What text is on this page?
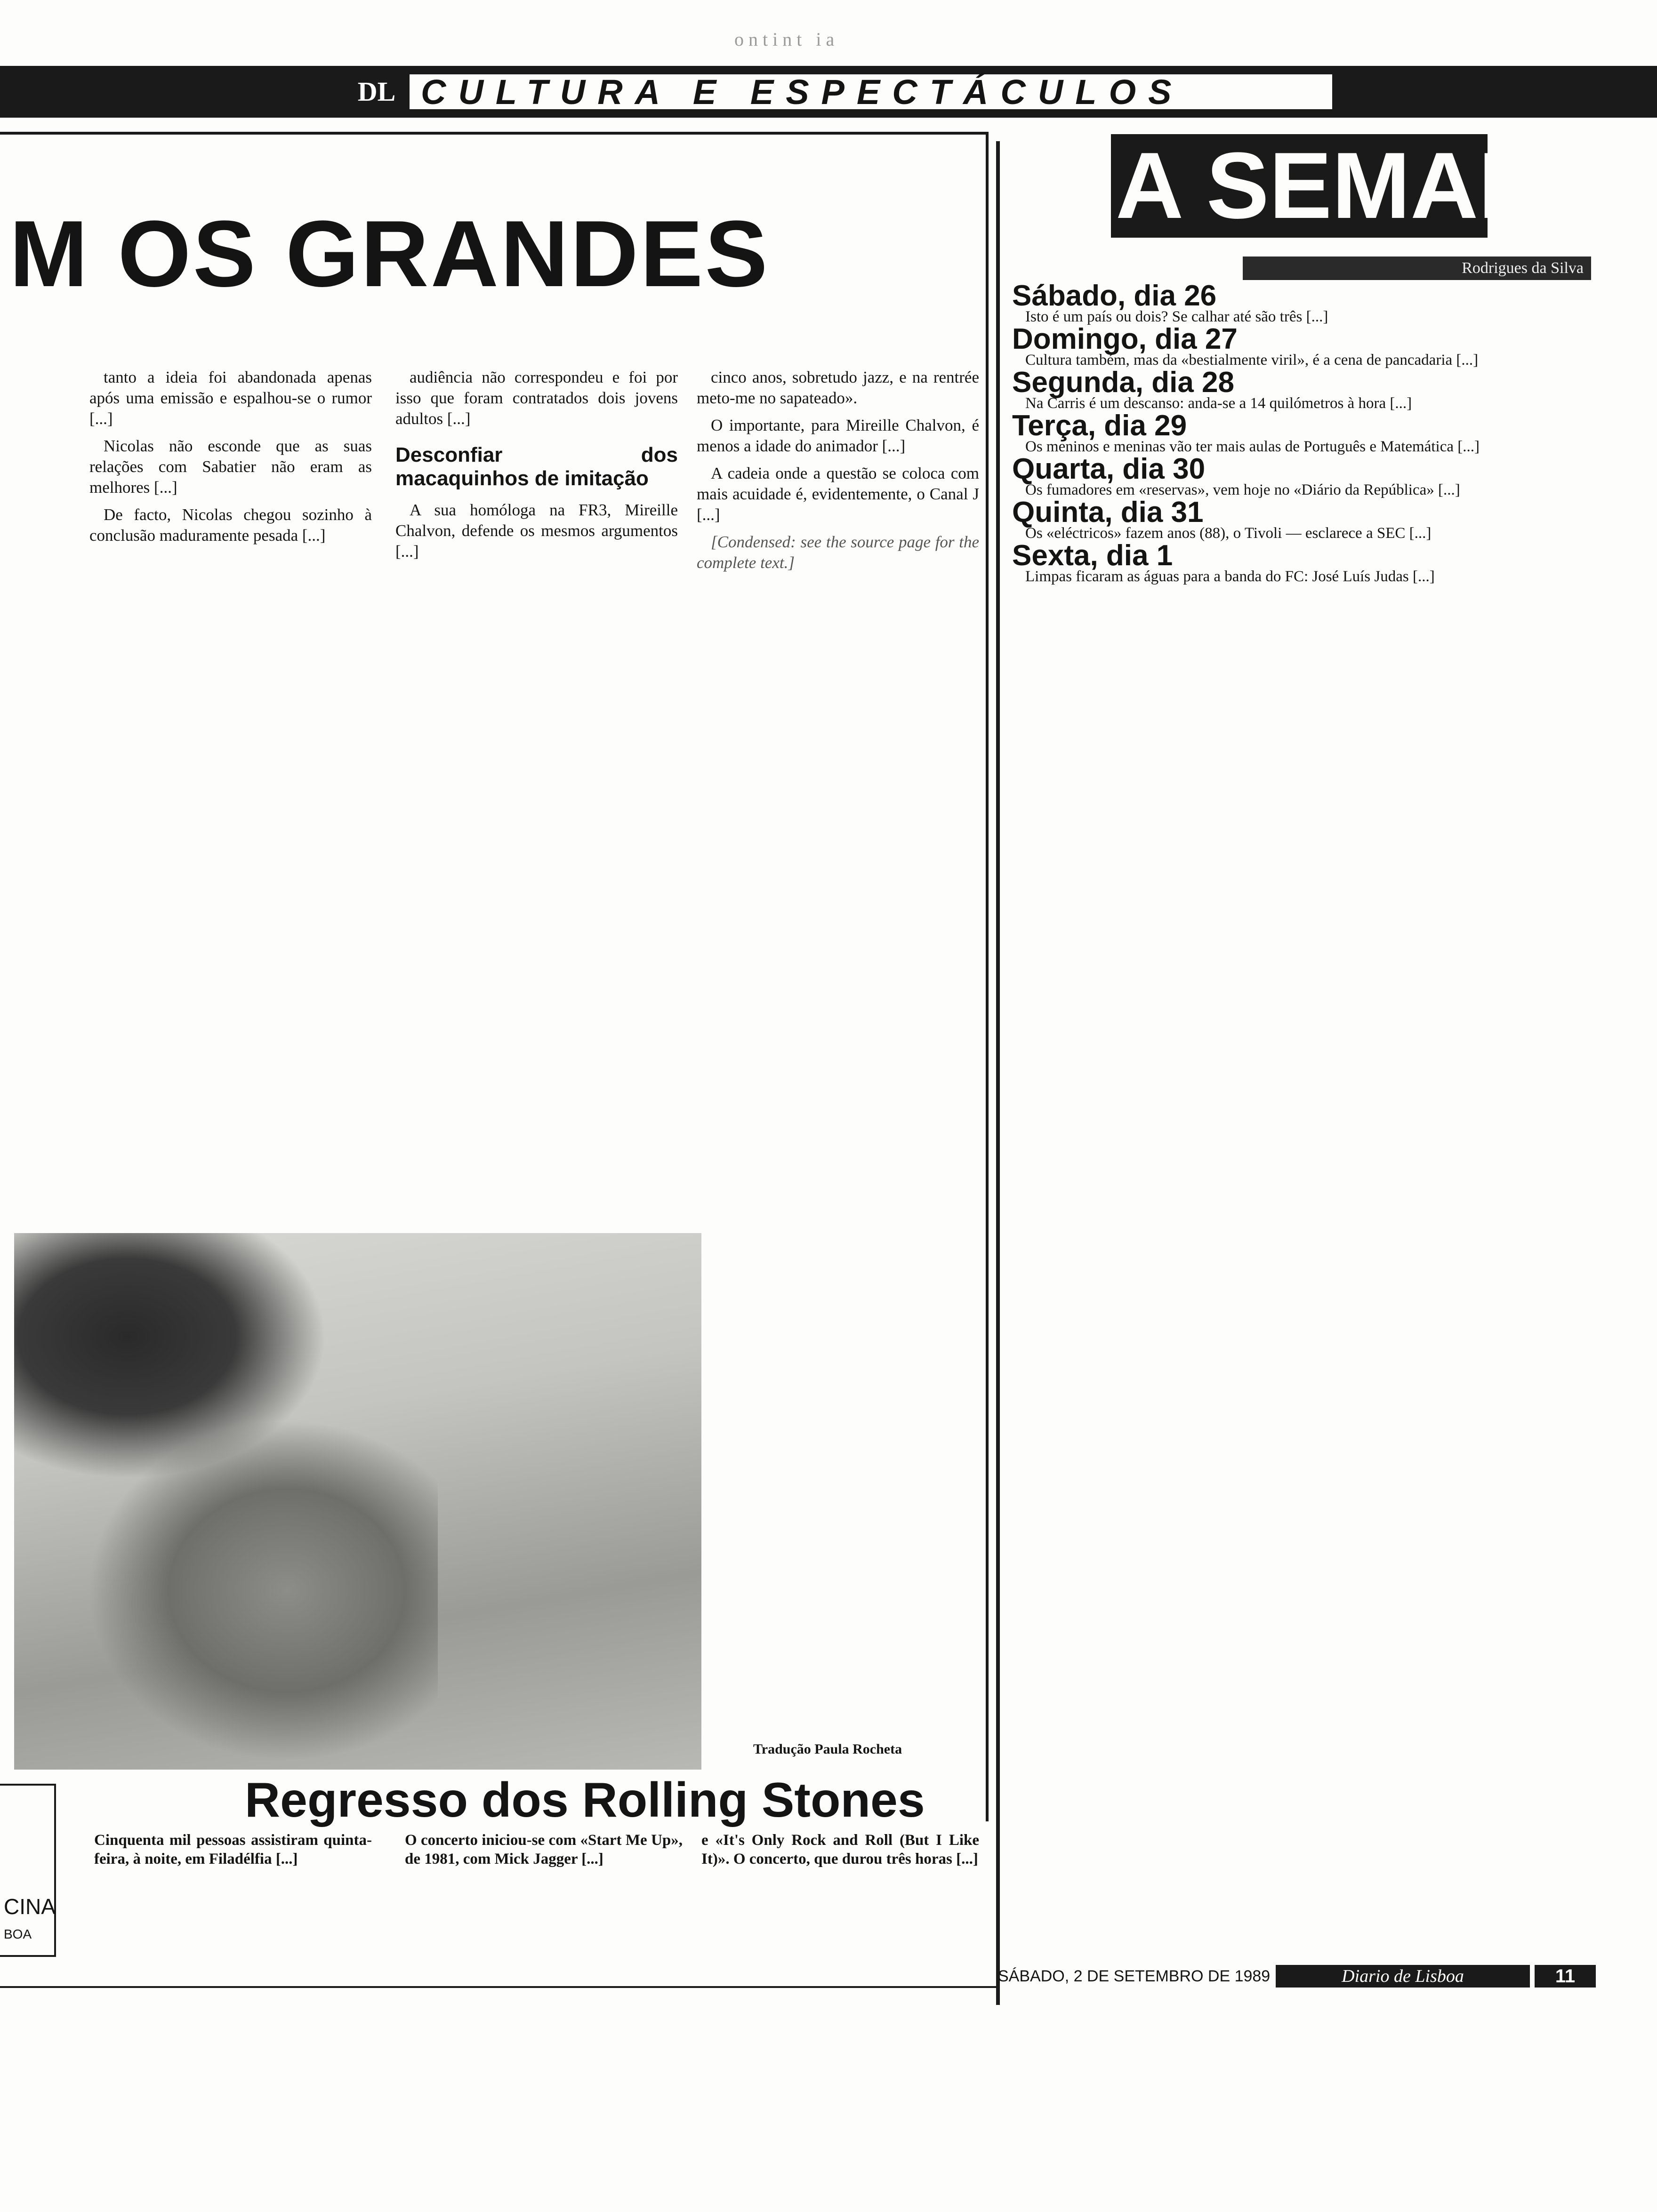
ontint ia
DL CULTURA E ESPECTÁCULOS
M OS GRANDES

tanto a ideia foi abandonada apenas após uma emissão e espalhou-se o rumor [...]

Nicolas não esconde que as suas relações com Sabatier não eram as melhores [...]

De facto, Nicolas chegou sozinho à conclusão maduramente pesada [...]

audiência não correspondeu e foi por isso que foram contratados dois jovens adultos [...]

Desconfiar dos macaquinhos de imitação

A sua homóloga na FR3, Mireille Chalvon, defende os mesmos argumentos [...]

cinco anos, sobretudo jazz, e na rentrée meto-me no sapateado».

O importante, para Mireille Chalvon, é menos a idade do animador [...]

A cadeia onde a questão se coloca com mais acuidade é, evidentemente, o Canal J [...]

[Condensed: see the source page for the complete text.]

Tradução Paula Rocheta
CINA
BOA
Regresso dos Rolling Stones
Cinquenta mil pessoas assistiram quinta-feira, à noite, em Filadélfia [...]
O concerto iniciou-se com «Start Me Up», de 1981, com Mick Jagger [...]
e «It's Only Rock and Roll (But I Like It)». O concerto, que durou três horas [...]
A SEMANA
Rodrigues da Silva
Sábado, dia 26

Isto é um país ou dois? Se calhar até são três [...]

Domingo, dia 27

Cultura também, mas da «bestialmente viril», é a cena de pancadaria [...]

Segunda, dia 28

Na Carris é um descanso: anda-se a 14 quilómetros à hora [...]

Terça, dia 29

Os meninos e meninas vão ter mais aulas de Português e Matemática [...]

Quarta, dia 30

Os fumadores em «reservas», vem hoje no «Diário da República» [...]

Quinta, dia 31

Os «eléctricos» fazem anos (88), o Tivoli — esclarece a SEC [...]

Sexta, dia 1

Limpas ficaram as águas para a banda do FC: José Luís Judas [...]

SÁBADO, 2 DE SETEMBRO DE 1989	Diario de Lisboa	11
